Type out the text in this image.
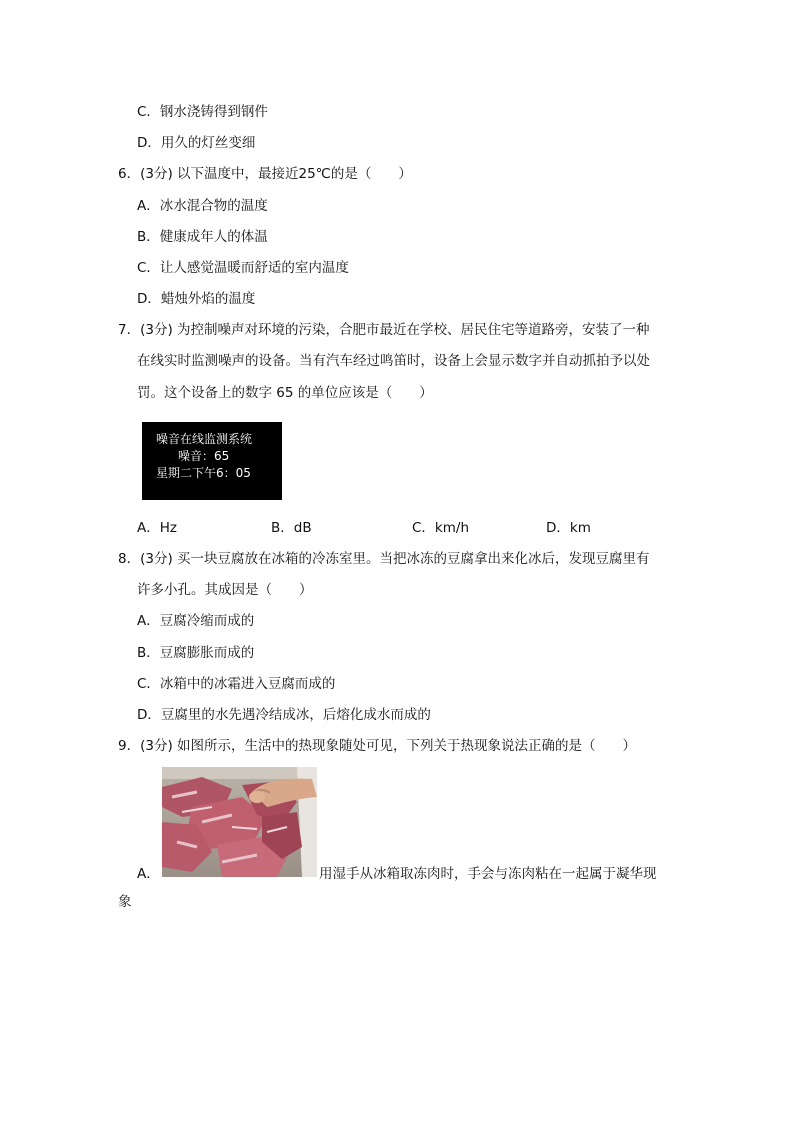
C．钢水浇铸得到钢件
D．用久的灯丝变细
6．(3分) 以下温度中，最接近25℃的是（　　）
A．冰水混合物的温度
B．健康成年人的体温
C．让人感觉温暖而舒适的室内温度
D．蜡烛外焰的温度
7．(3分) 为控制噪声对环境的污染，合肥市最近在学校、居民住宅等道路旁，安装了一种
在线实时监测噪声的设备。当有汽车经过鸣笛时，设备上会显示数字并自动抓拍予以处
罚。这个设备上的数字 65 的单位应该是（　　）
噪音在线监测系统
噪音：65
星期二下午6：05
A．Hz	B．dB	C．km/h	D．km
8．(3分) 买一块豆腐放在冰箱的冷冻室里。当把冰冻的豆腐拿出来化冰后，发现豆腐里有
许多小孔。其成因是（　　）
A．豆腐冷缩而成的
B．豆腐膨胀而成的
C．冰箱中的冰霜进入豆腐而成的
D．豆腐里的水先遇冷结成冰，后熔化成水而成的
9．(3分) 如图所示，生活中的热现象随处可见，下列关于热现象说法正确的是（　　）
A．	用湿手从冰箱取冻肉时，手会与冻肉粘在一起属于凝华现
象
